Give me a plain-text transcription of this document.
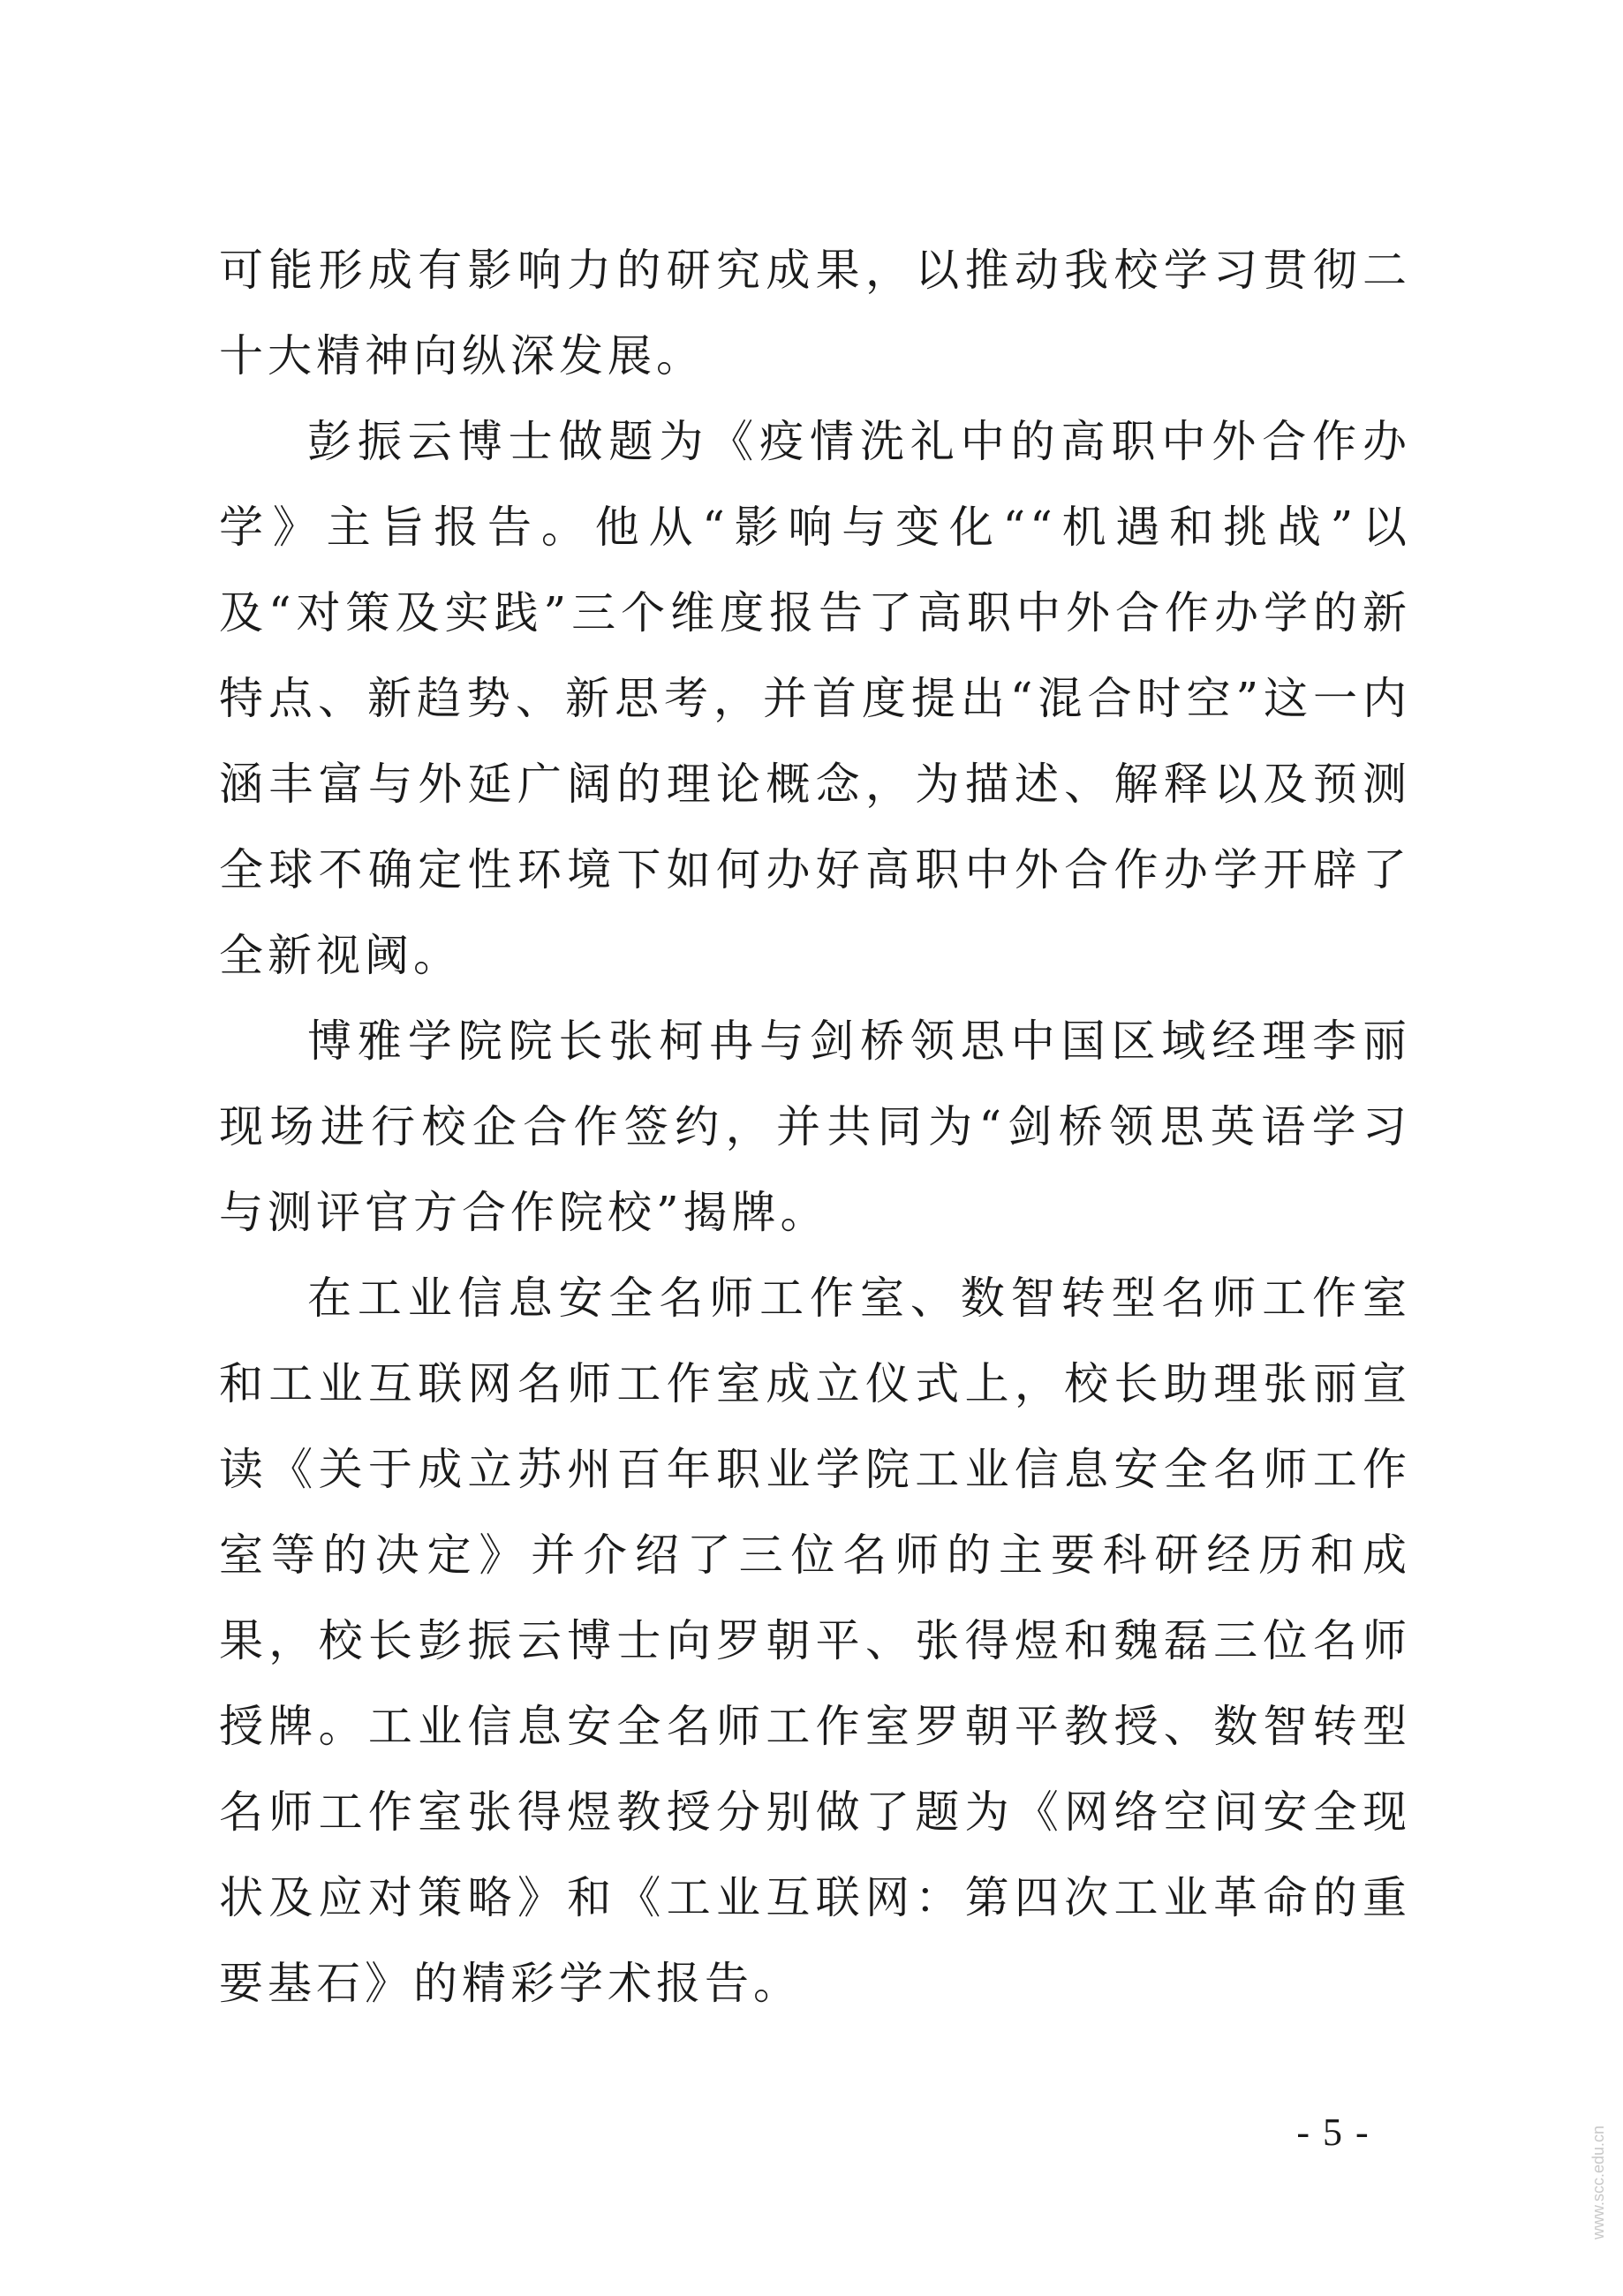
可能形成有影响力的研究成果，以推动我校学习贯彻二十大精神向纵深发展。

彭振云博士做题为《疫情洗礼中的高职中外合作办学》主旨报告。他从“影响与变化““机遇和挑战”以及“对策及实践”三个维度报告了高职中外合作办学的新特点、新趋势、新思考，并首度提出“混合时空”这一内涵丰富与外延广阔的理论概念，为描述、解释以及预测全球不确定性环境下如何办好高职中外合作办学开辟了全新视阈。

博雅学院院长张柯冉与剑桥领思中国区域经理李丽现场进行校企合作签约，并共同为“剑桥领思英语学习与测评官方合作院校”揭牌。

在工业信息安全名师工作室、数智转型名师工作室和工业互联网名师工作室成立仪式上，校长助理张丽宣读《关于成立苏州百年职业学院工业信息安全名师工作室等的决定》并介绍了三位名师的主要科研经历和成果，校长彭振云博士向罗朝平、张得煜和魏磊三位名师授牌。工业信息安全名师工作室罗朝平教授、数智转型名师工作室张得煜教授分别做了题为《网络空间安全现状及应对策略》和《工业互联网：第四次工业革命的重要基石》的精彩学术报告。

- 5 -	www.scc.edu.cn
